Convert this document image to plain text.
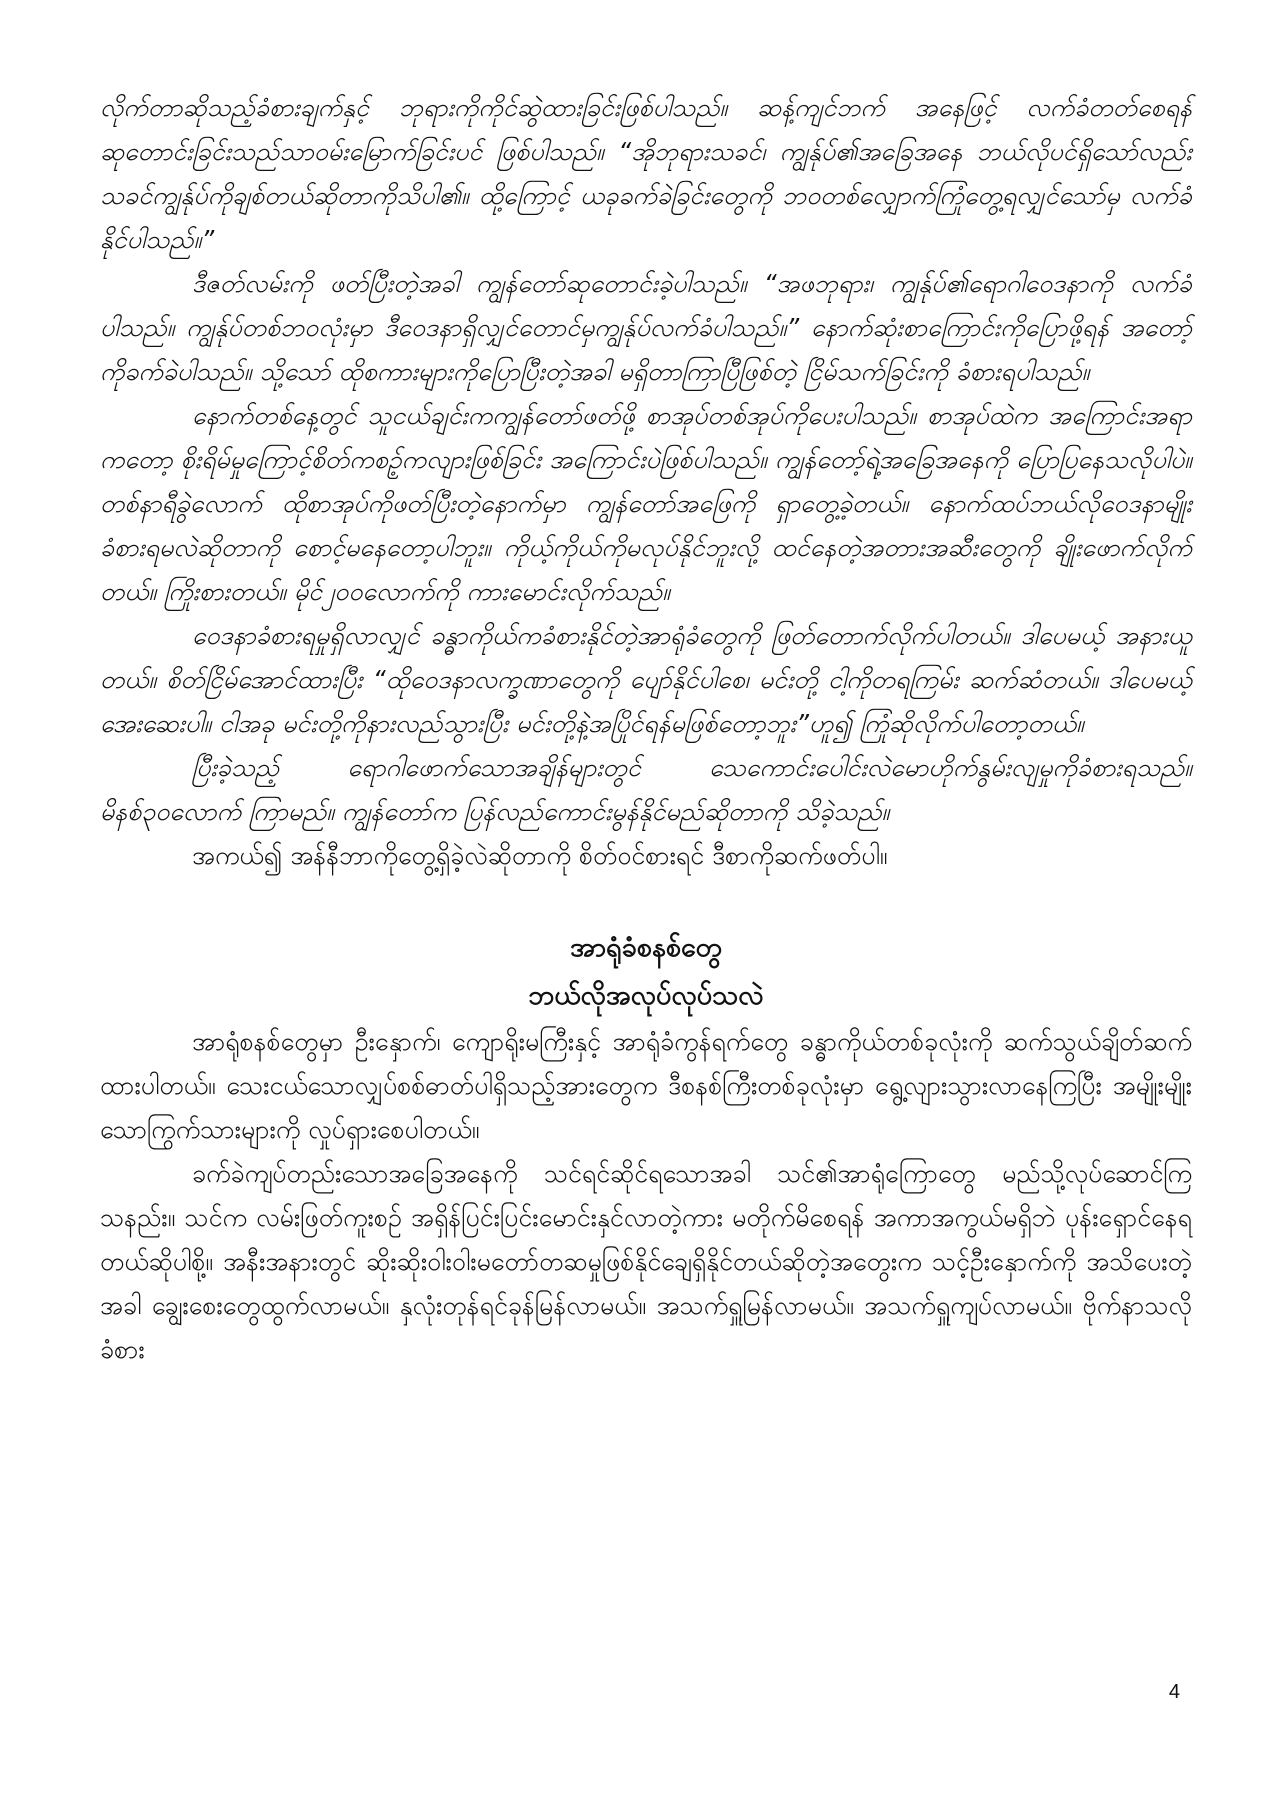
လိုက်တာဆိုသည့်ခံစားချက်နှင့် ဘုရားကိုကိုင်ဆွဲထားခြင်းဖြစ်ပါသည်။ ဆန့်ကျင်ဘက် အနေဖြင့် လက်ခံတတ်စေရန် ဆုတောင်းခြင်းသည်သာဝမ်းမြောက်ခြင်းပင် ဖြစ်ပါသည်။ “အိုဘုရားသခင်၊ ကျွန်ုပ်၏အခြေအနေ ဘယ်လိုပင်ရှိသော်လည်း သခင်ကျွန်ုပ်ကိုချစ်တယ်ဆိုတာကိုသိပါ၏။ ထို့ကြောင့် ယခုခက်ခဲခြင်းတွေကို ဘဝတစ်လျှောက်ကြုံတွေ့ရလျှင်သော်မှ လက်ခံနိုင်ပါသည်။”

ဒီဇတ်လမ်းကို ဖတ်ပြီးတဲ့အခါ ကျွန်တော်ဆုတောင်းခဲ့ပါသည်။ “အဖဘုရား၊ ကျွန်ုပ်၏ရောဂါဝေဒနာကို လက်ခံပါသည်။ ကျွန်ုပ်တစ်ဘဝလုံးမှာ ဒီဝေဒနာရှိလျှင်တောင်မှကျွန်ုပ်လက်ခံပါသည်။” နောက်ဆုံးစာကြောင်းကိုပြောဖို့ရန် အတော့်ကိုခက်ခဲပါသည်။ သို့သော် ထိုစကားများကိုပြောပြီးတဲ့အခါ မရှိတာကြာပြီဖြစ်တဲ့ ငြိမ်သက်ခြင်းကို ခံစားရပါသည်။

နောက်တစ်နေ့တွင် သူငယ်ချင်းကကျွန်တော်ဖတ်ဖို့ စာအုပ်တစ်အုပ်ကိုပေးပါသည်။ စာအုပ်ထဲက အကြောင်းအရာကတော့ စိုးရိမ်မှုကြောင့်စိတ်ကစဉ့်ကလျားဖြစ်ခြင်း အကြောင်းပဲဖြစ်ပါသည်။ ကျွန်တော့်ရဲ့အခြေအနေကို ပြောပြနေသလိုပါပဲ။ တစ်နာရီခွဲလောက် ထိုစာအုပ်ကိုဖတ်ပြီးတဲ့နောက်မှာ ကျွန်တော်အဖြေကို ရှာတွေ့ခဲ့တယ်။ နောက်ထပ်ဘယ်လိုဝေဒနာမျိုး ခံစားရမလဲဆိုတာကို စောင့်မနေတော့ပါဘူး။ ကိုယ့်ကိုယ်ကိုမလုပ်နိုင်ဘူးလို့ ထင်နေတဲ့အတားအဆီးတွေကို ချိုးဖောက်လိုက်တယ်။ ကြိုးစားတယ်။ မိုင်၂၀၀လောက်ကို ကားမောင်းလိုက်သည်။

ဝေဒနာခံစားရမှုရှိလာလျှင် ခန္ဓာကိုယ်ကခံစားနိုင်တဲ့အာရုံခံတွေကို ဖြတ်တောက်လိုက်ပါတယ်။ ဒါပေမယ့် အနားယူတယ်။ စိတ်ငြိမ်အောင်ထားပြီး “ထိုဝေဒနာလက္ခဏာတွေကို ပျော်နိုင်ပါစေ၊ မင်းတို့ ငါ့ကိုတရကြမ်း ဆက်ဆံတယ်။ ဒါပေမယ့် အေးဆေးပါ။ ငါအခု မင်းတို့ကိုနားလည်သွားပြီး မင်းတို့နဲ့အပြိုင်ရန်မဖြစ်တော့ဘူး”ဟူ၍ ကြုံဆိုလိုက်ပါတော့တယ်။

ပြီးခဲ့သည့် ရောဂါဖောက်သောအချိန်များတွင် သေကောင်းပေါင်းလဲမောဟိုက်နွမ်းလျမှုကိုခံစားရသည်။ မိနစ်၃၀လောက် ကြာမည်။ ကျွန်တော်က ပြန်လည်ကောင်းမွန်နိုင်မည်ဆိုတာကို သိခဲ့သည်။

အကယ်၍ အန်နီဘာကိုတွေ့ရှိခဲ့လဲဆိုတာကို စိတ်ဝင်စားရင် ဒီစာကိုဆက်ဖတ်ပါ။

အာရုံခံစနစ်တွေ
ဘယ်လိုအလုပ်လုပ်သလဲ

အာရုံစနစ်တွေမှာ ဦးနှောက်၊ ကျောရိုးမကြီးနှင့် အာရုံခံကွန်ရက်တွေ ခန္ဓာကိုယ်တစ်ခုလုံးကို ဆက်သွယ်ချိတ်ဆက်ထားပါတယ်။ သေးငယ်သောလျှပ်စစ်ဓာတ်ပါရှိသည့်အားတွေက ဒီစနစ်ကြီးတစ်ခုလုံးမှာ ရွေ့လျားသွားလာနေကြပြီး အမျိုးမျိုးသောကြွက်သားများကို လှုပ်ရှားစေပါတယ်။

ခက်ခဲကျပ်တည်းသောအခြေအနေကို သင်ရင်ဆိုင်ရသောအခါ သင်၏အာရုံကြောတွေ မည်သို့လုပ်ဆောင်ကြသနည်း။ သင်က လမ်းဖြတ်ကူးစဉ် အရှိန်ပြင်းပြင်းမောင်းနှင်လာတဲ့ကား မတိုက်မိစေရန် အကာအကွယ်မရှိဘဲ ပုန်းရှောင်နေရတယ်ဆိုပါစို့။ အနီးအနားတွင် ဆိုးဆိုးဝါးဝါးမတော်တဆမှုဖြစ်နိုင်ချေရှိနိုင်တယ်ဆိုတဲ့အတွေးက သင့်ဦးနှောက်ကို အသိပေးတဲ့အခါ ချွေးစေးတွေထွက်လာမယ်။ နှလုံးတုန်ရင်ခုန်မြန်လာမယ်။ အသက်ရှူမြန်လာမယ်။ အသက်ရှူကျပ်လာမယ်။ ဗိုက်နာသလို ခံစား

4
